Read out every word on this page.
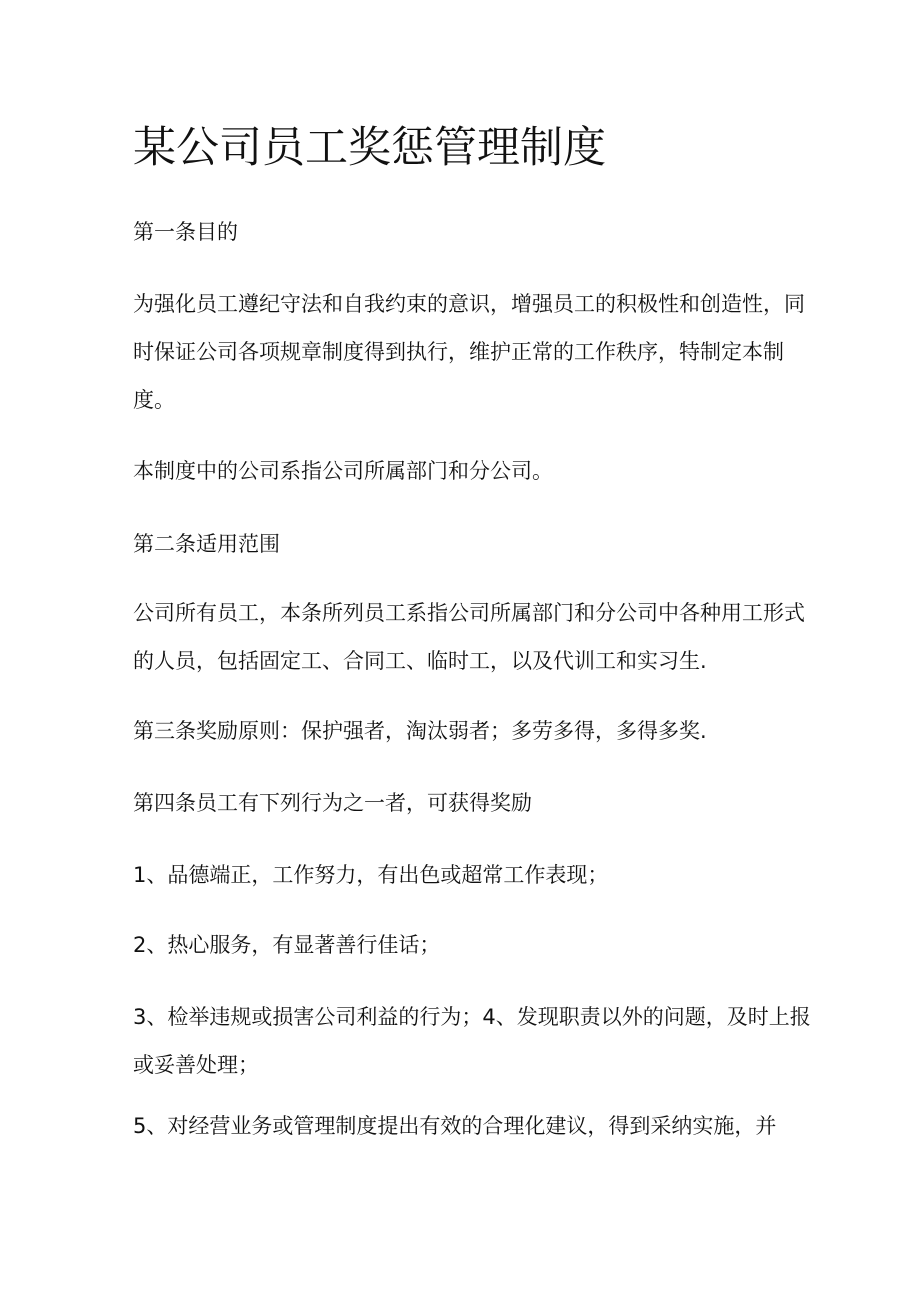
某公司员工奖惩管理制度

第一条目的

为强化员工遵纪守法和自我约束的意识，增强员工的积极性和创造性，同
时保证公司各项规章制度得到执行，维护正常的工作秩序，特制定本制
度。

本制度中的公司系指公司所属部门和分公司。

第二条适用范围

公司所有员工，本条所列员工系指公司所属部门和分公司中各种用工形式
的人员，包括固定工、合同工、临时工，以及代训工和实习生.

第三条奖励原则：保护强者，淘汰弱者；多劳多得，多得多奖.

第四条员工有下列行为之一者，可获得奖励

1、品德端正，工作努力，有出色或超常工作表现；

2、热心服务，有显著善行佳话；

3、检举违规或损害公司利益的行为；4、发现职责以外的问题，及时上报
或妥善处理；

5、对经营业务或管理制度提出有效的合理化建议，得到采纳实施，并
